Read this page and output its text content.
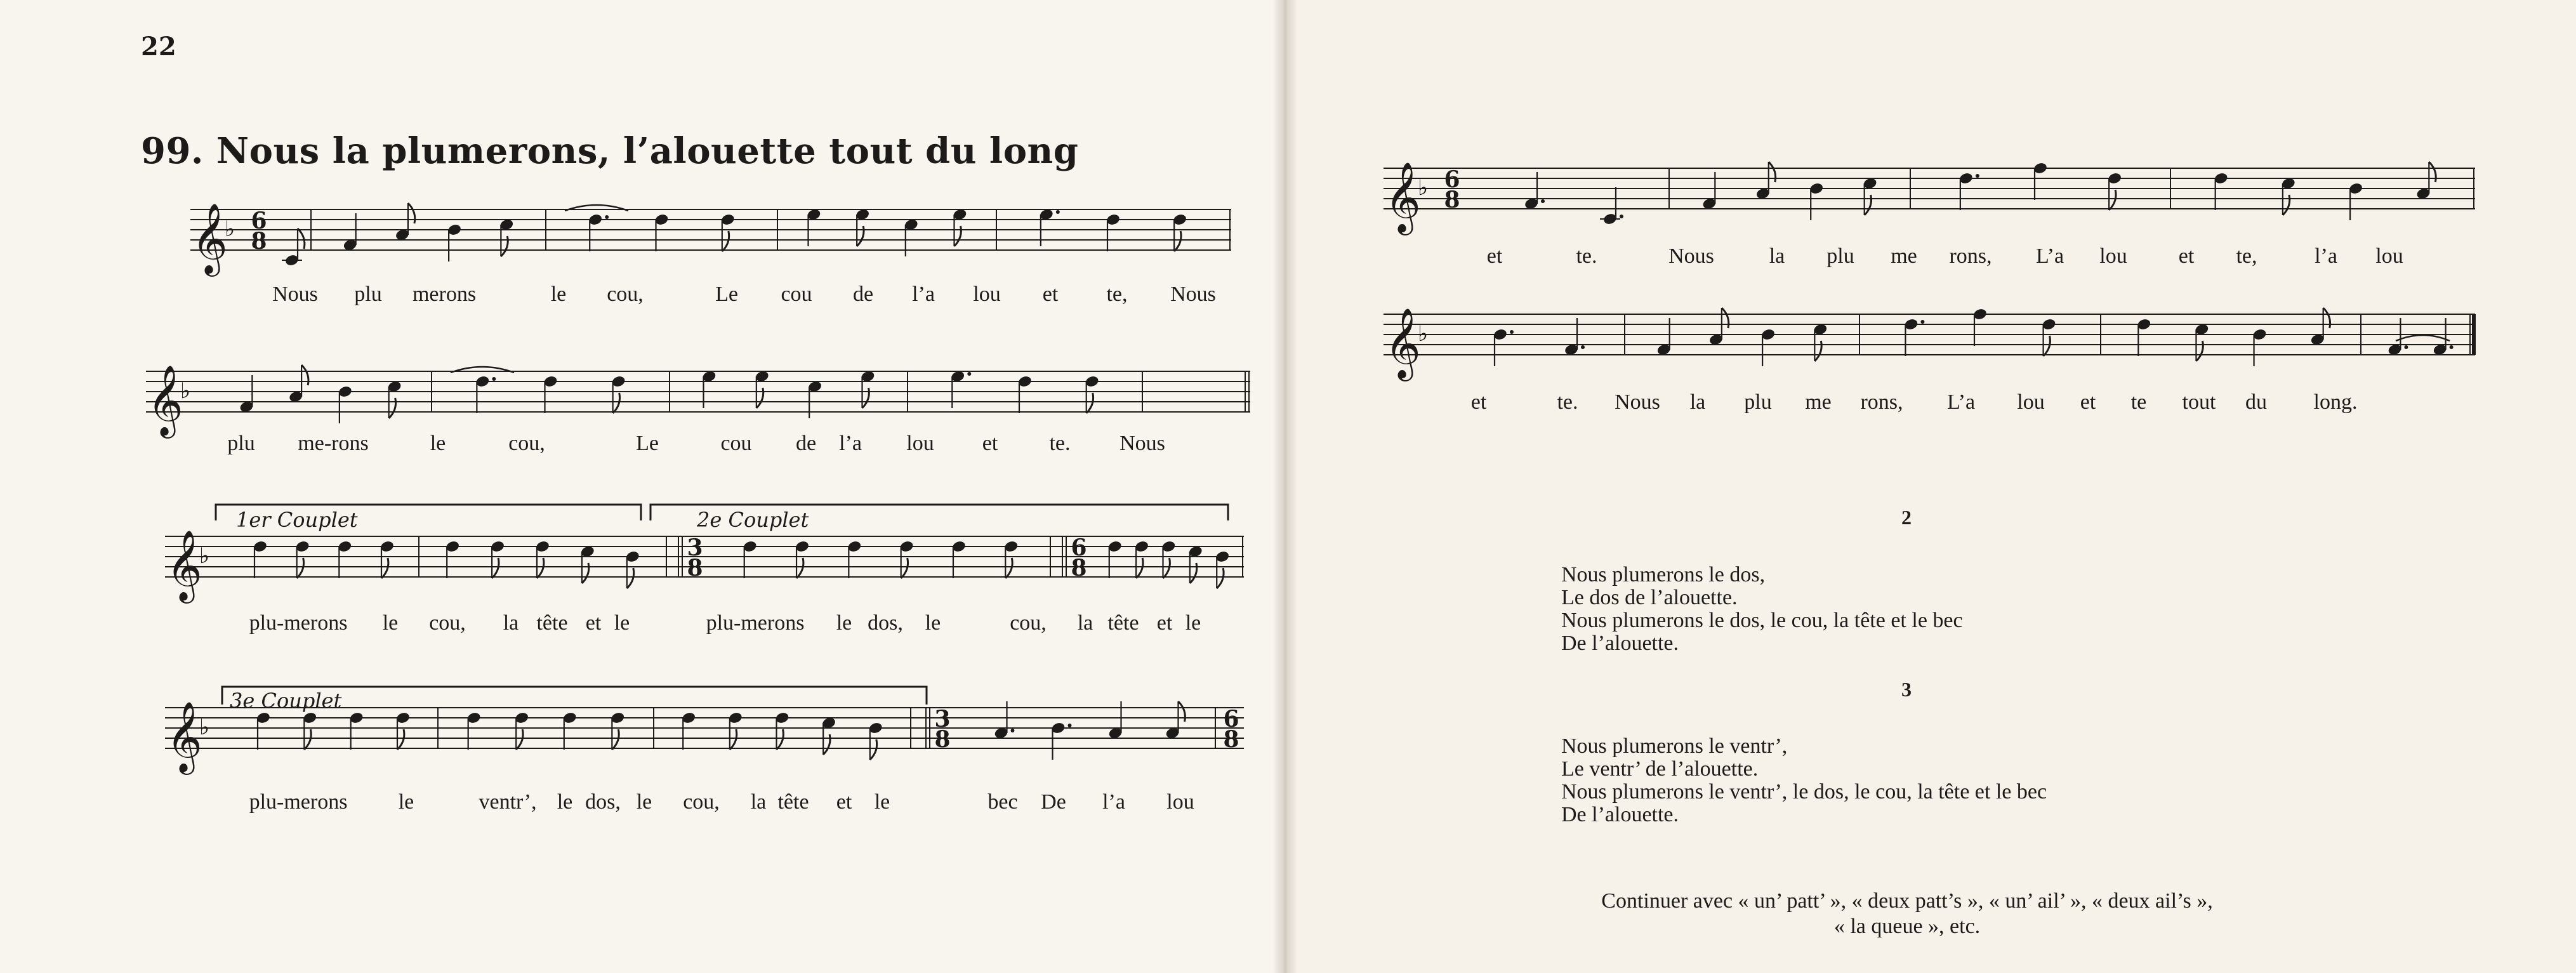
22
99. Nous la plumerons, l’alouette tout du long
𝄞
♭ 6
8
𝄞
♭
𝄞
♭	3
8
6
8
𝄞
♭	3
8
6
8
𝄞
♭ 6
8
𝄞
♭
1er Couplet	2e Couplet
3e Couplet
Nous plu merons	le cou,	Le cou de l’a lou et te, Nous
plu me-rons	le	cou,	Le	cou de l’a lou et te. Nous
plu-merons le cou, la tête et le	plu-merons le dos, le	cou, la tête et le
plu-merons le	ventr’, le dos, le cou, la tête et le	bec De l’a lou
et	te.	Nous	la plu me rons, L’a lou et te,	l’a lou
et	te. Nous la plu me rons, L’a lou et te tout du long.
2
Nous plumerons le dos,
Le dos de l’alouette.
Nous plumerons le dos, le cou, la tête et le bec
De l’alouette.
3
Nous plumerons le ventr’,
Le ventr’ de l’alouette.
Nous plumerons le ventr’, le dos, le cou, la tête et le bec
De l’alouette.
Continuer avec « un’ patt’ », « deux patt’s », « un’ ail’ », « deux ail’s »,
« la queue », etc.
